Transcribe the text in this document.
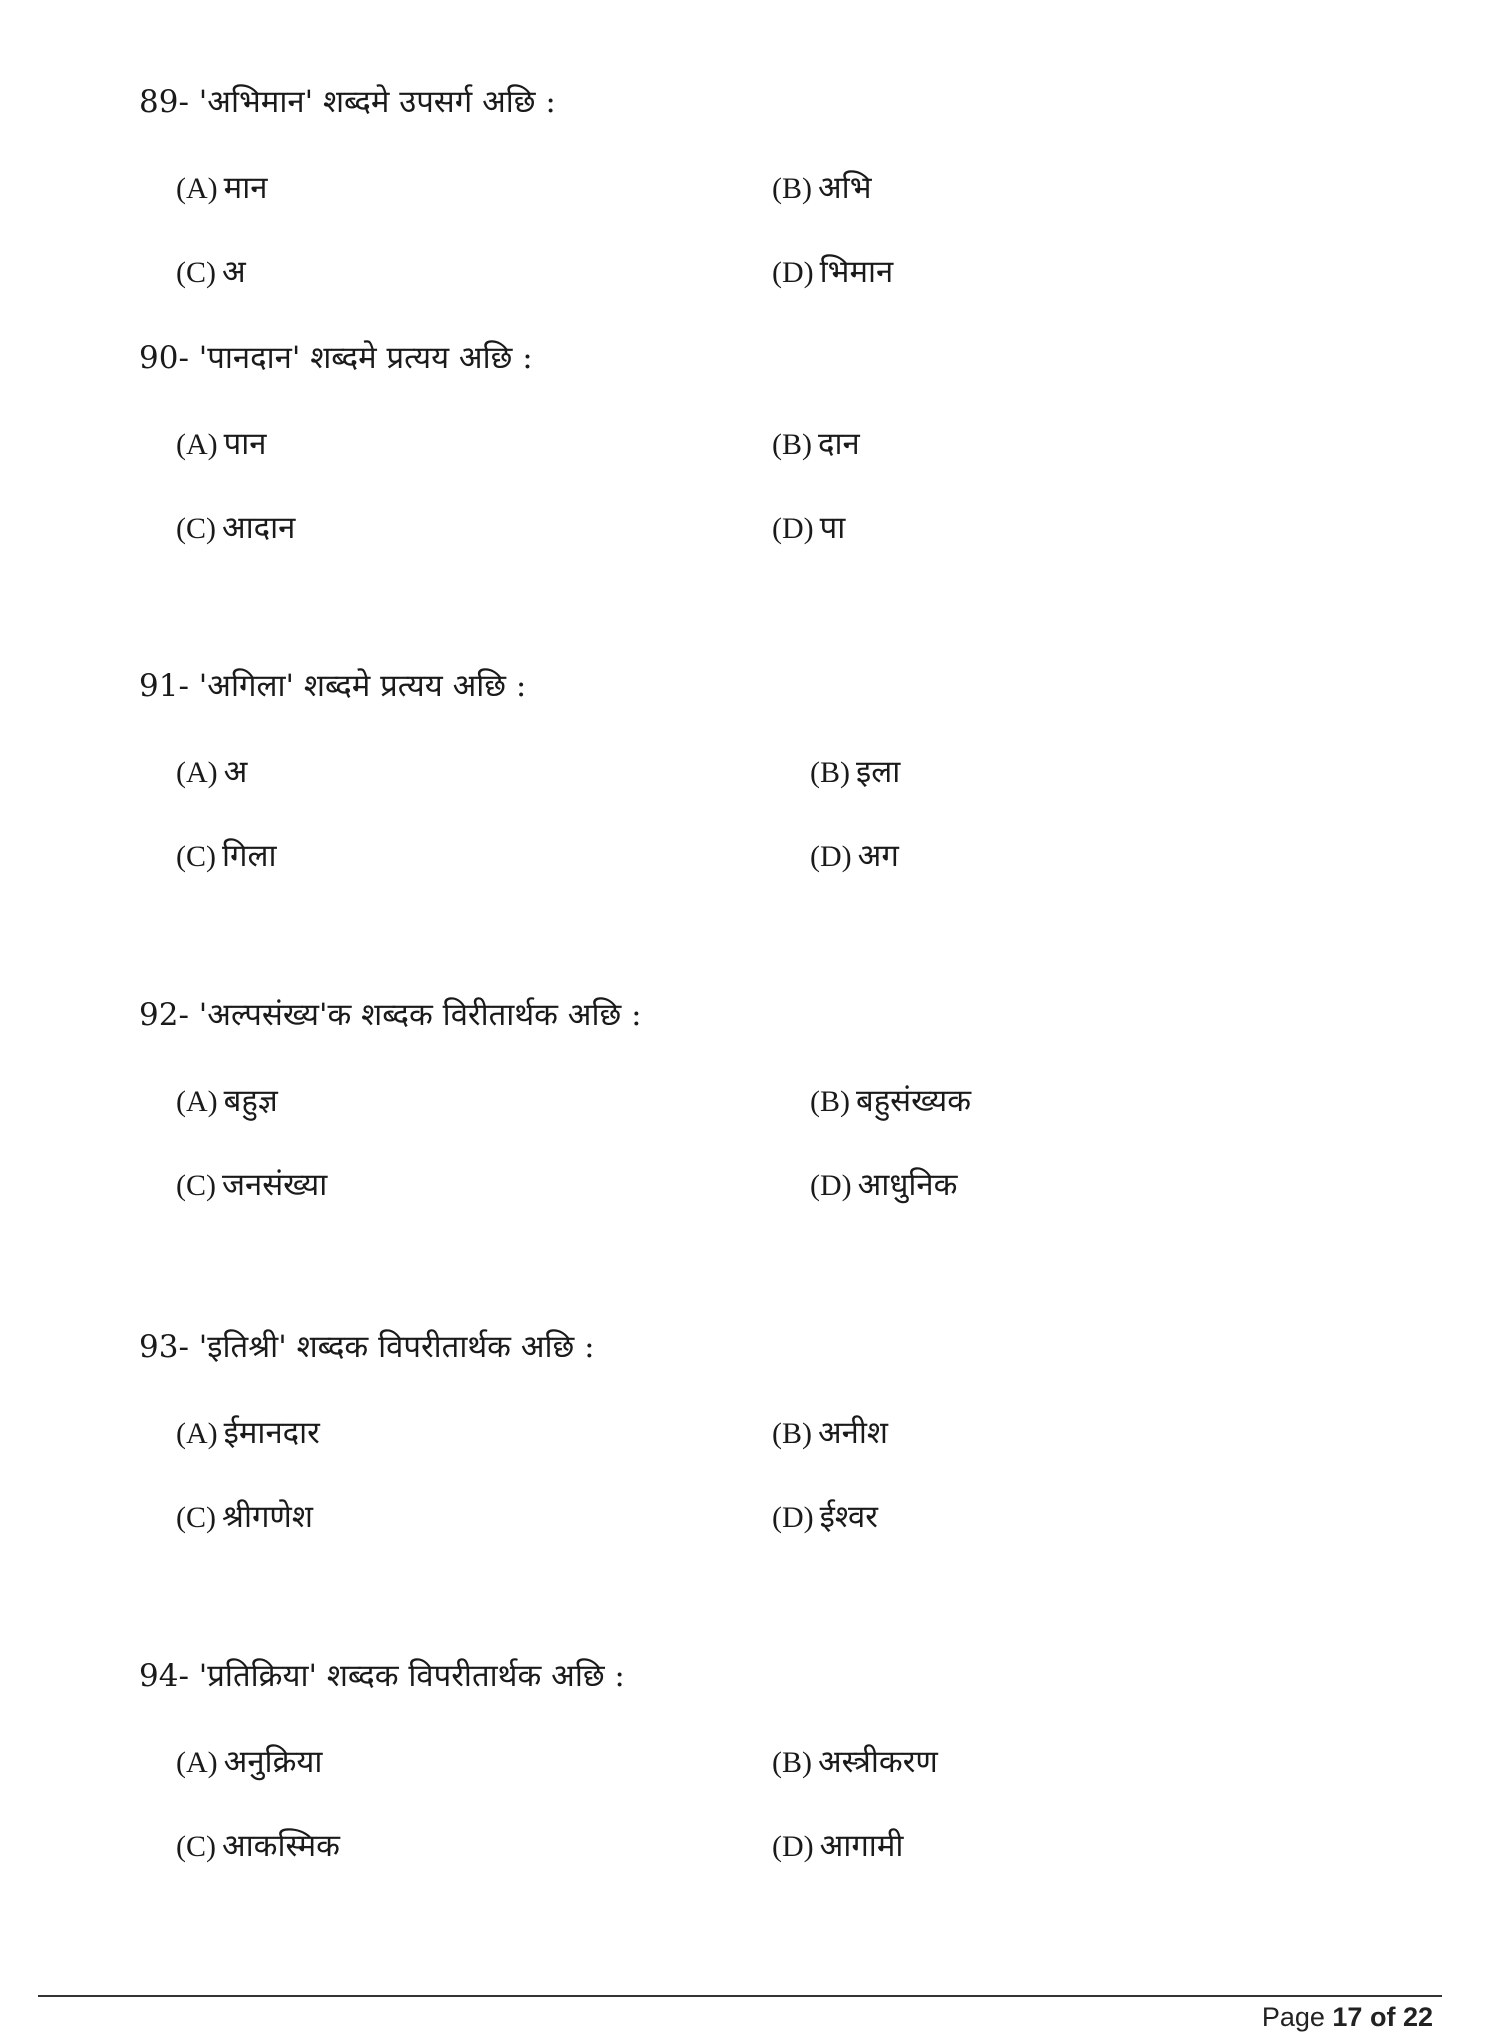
89- 'अभिमान' शब्दमे उपसर्ग अछि :
(A) मान	(B) अभि
(C) अ	(D) भिमान
90- 'पानदान' शब्दमे प्रत्यय अछि :
(A) पान	(B) दान
(C) आदान	(D) पा
91- 'अगिला' शब्दमे प्रत्यय अछि :
(A) अ	(B) इला
(C) गिला	(D) अग
92- 'अल्पसंख्य'क शब्दक विरीतार्थक अछि :
(A) बहुज्ञ	(B) बहुसंख्यक
(C) जनसंख्या	(D) आधुनिक
93- 'इतिश्री' शब्दक विपरीतार्थक अछि :
(A) ईमानदार	(B) अनीश
(C) श्रीगणेश	(D) ईश्वर
94- 'प्रतिक्रिया' शब्दक विपरीतार्थक अछि :
(A) अनुक्रिया	(B) अस्त्रीकरण
(C) आकस्मिक	(D) आगामी
Page 17 of 22
